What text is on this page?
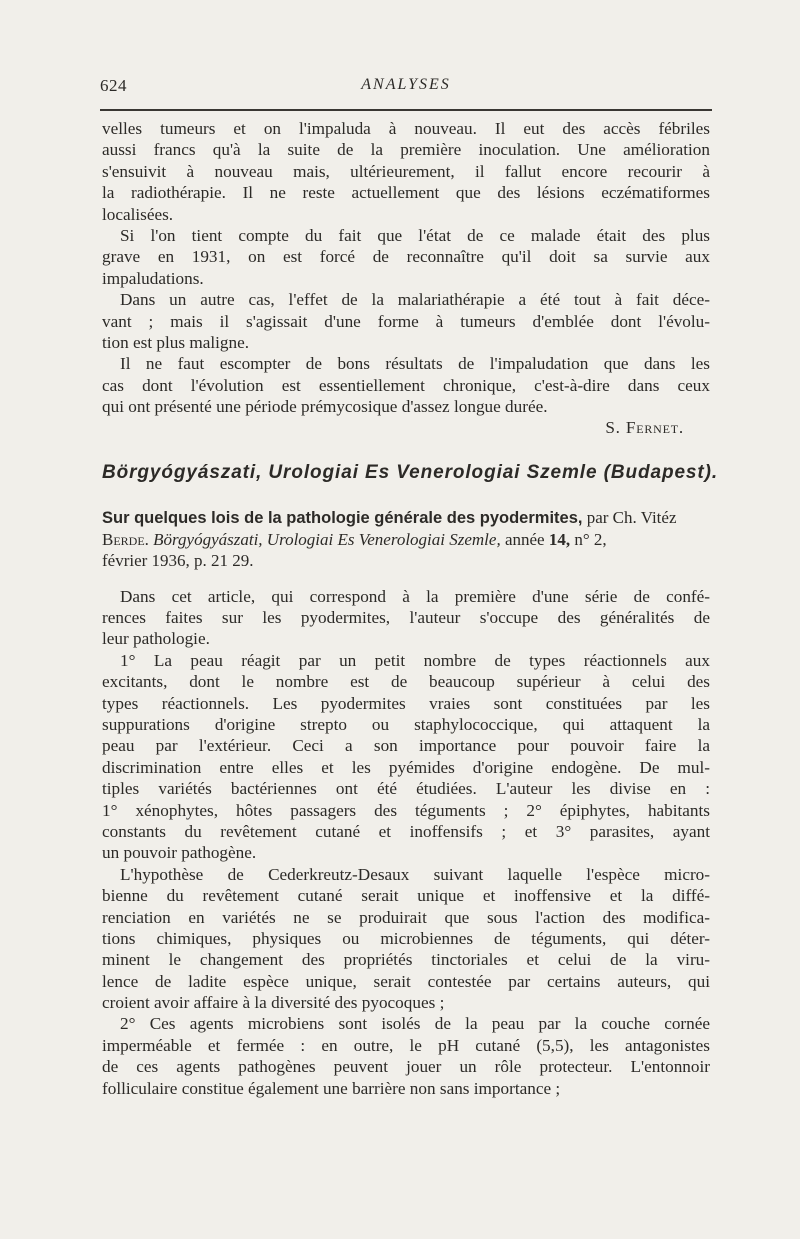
624	ANALYSES
velles tumeurs et on l'impaluda à nouveau. Il eut des accès fébriles
aussi francs qu'à la suite de la première inoculation. Une amélioration
s'ensuivit à nouveau mais, ultérieurement, il fallut encore recourir à
la radiothérapie. Il ne reste actuellement que des lésions eczématiformes
localisées.
Si l'on tient compte du fait que l'état de ce malade était des plus
grave en 1931, on est forcé de reconnaître qu'il doit sa survie aux
impaludations.
Dans un autre cas, l'effet de la malariathérapie a été tout à fait déce-
vant ; mais il s'agissait d'une forme à tumeurs d'emblée dont l'évolu-
tion est plus maligne.
Il ne faut escompter de bons résultats de l'impaludation que dans les
cas dont l'évolution est essentiellement chronique, c'est-à-dire dans ceux
qui ont présenté une période prémycosique d'assez longue durée.
S. Fernet.
Börgyógyászati, Urologiai Es Venerologiai Szemle (Budapest).
Sur quelques lois de la pathologie générale des pyodermites, par Ch. Vitéz
Berde. Börgyógyászati, Urologiai Es Venerologiai Szemle, année 14, n° 2,
février 1936, p. 21 29.
Dans cet article, qui correspond à la première d'une série de confé-
rences faites sur les pyodermites, l'auteur s'occupe des généralités de
leur pathologie.
1° La peau réagit par un petit nombre de types réactionnels aux
excitants, dont le nombre est de beaucoup supérieur à celui des
types réactionnels. Les pyodermites vraies sont constituées par les
suppurations d'origine strepto ou staphylococcique, qui attaquent la
peau par l'extérieur. Ceci a son importance pour pouvoir faire la
discrimination entre elles et les pyémides d'origine endogène. De mul-
tiples variétés bactériennes ont été étudiées. L'auteur les divise en :
1° xénophytes, hôtes passagers des téguments ; 2° épiphytes, habitants
constants du revêtement cutané et inoffensifs ; et 3° parasites, ayant
un pouvoir pathogène.
L'hypothèse de Cederkreutz-Desaux suivant laquelle l'espèce micro-
bienne du revêtement cutané serait unique et inoffensive et la diffé-
renciation en variétés ne se produirait que sous l'action des modifica-
tions chimiques, physiques ou microbiennes de téguments, qui déter-
minent le changement des propriétés tinctoriales et celui de la viru-
lence de ladite espèce unique, serait contestée par certains auteurs, qui
croient avoir affaire à la diversité des pyocoques ;
2° Ces agents microbiens sont isolés de la peau par la couche cornée
imperméable et fermée : en outre, le pH cutané (5,5), les antagonistes
de ces agents pathogènes peuvent jouer un rôle protecteur. L'entonnoir
folliculaire constitue également une barrière non sans importance ;
